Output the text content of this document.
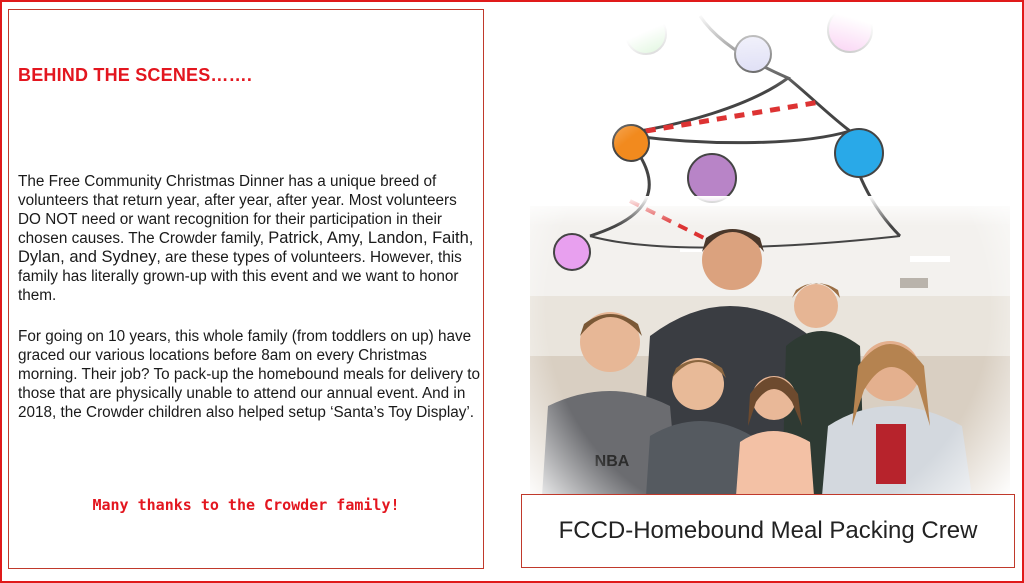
BEHIND THE SCENES…….
The Free Community Christmas Dinner has a unique breed of volunteers that return year, after year, after year. Most volunteers DO NOT need or want recognition for their participation in their chosen causes. The Crowder family, Patrick, Amy, Landon, Faith, Dylan, and Sydney, are these types of volunteers. However, this family has literally grown-up with this event and we want to honor them.
For going on 10 years, this whole family (from toddlers on up) have graced our various locations before 8am on every Christmas morning. Their job? To pack-up the homebound meals for delivery to those that are physically unable to attend our annual event. And in 2018, the Crowder children also helped setup ‘Santa’s Toy Display’.
Many thanks to the Crowder family!
FCCD-Homebound Meal Packing Crew
